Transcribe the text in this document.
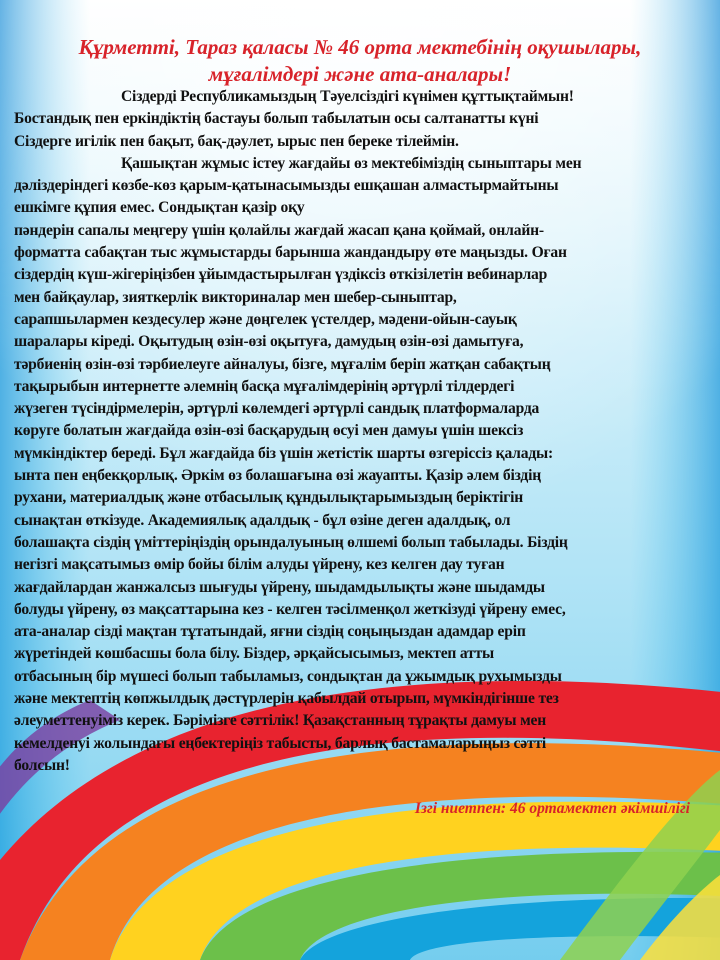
Құрметті, Тараз қаласы № 46 орта мектебінің оқушылары,
мұғалімдері және ата-аналары!
Сіздерді Республикамыздың Тәуелсіздігі күнімен құттықтаймын!
Бостандық пен еркіндіктің бастауы болып табылатын осы салтанатты күні
Сіздерге игілік пен бақыт, бақ-дәулет, ырыс пен береке тілеймін.
Қашықтан жұмыс істеу жағдайы өз мектебіміздің сыныптары мен
дәліздеріндегі көзбе-көз қарым-қатынасымызды ешқашан алмастырмайтыны
ешкімге құпия емес. Сондықтан қазір оқу
пәндерін сапалы меңгеру үшін қолайлы жағдай жасап қана қоймай, онлайн-
форматта сабақтан тыс жұмыстарды барынша жандандыру өте маңызды. Оған
сіздердің күш-жігеріңізбен ұйымдастырылған үздіксіз өткізілетін вебинарлар
мен байқаулар, зияткерлік викториналар мен шебер-сыныптар,
сарапшылармен кездесулер және дөңгелек үстелдер, мәдени-ойын-сауық
шаралары кіреді. Оқытудың өзін-өзі оқытуға, дамудың өзін-өзі дамытуға,
тәрбиенің өзін-өзі тәрбиелеуге айналуы, бізге, мұғалім беріп жатқан сабақтың
тақырыбын интернетте әлемнің басқа мұғалімдерінің әртүрлі тілдердегі
жүзеген түсіндірмелерін, әртүрлі көлемдегі әртүрлі сандық платформаларда
көруге болатын жағдайда өзін-өзі басқарудың өсуі мен дамуы үшін шексіз
мүмкіндіктер береді. Бұл жағдайда біз үшін жетістік шарты өзгеріссіз қалады:
ынта пен еңбекқорлық. Әркім өз болашағына өзі жауапты. Қазір әлем біздің
рухани, материалдық және отбасылық құндылықтарымыздың беріктігін
сынақтан өткізуде. Академиялық адалдық - бұл өзіне деген адалдық, ол
болашақта сіздің үміттеріңіздің орындалуының өлшемі болып табылады. Біздің
негізгі мақсатымыз өмір бойы білім алуды үйрену, кез келген дау туған
жағдайлардан жанжалсыз шығуды үйрену, шыдамдылықты және шыдамды
болуды үйрену, өз мақсаттарына кез - келген тәсілменқол жеткізуді үйрену емес,
ата-аналар сізді мақтан тұтатындай, яғни сіздің соңыңыздан адамдар еріп
жүретіндей көшбасшы бола білу. Біздер, әрқайсысымыз, мектеп атты
отбасының бір мүшесі болып табыламыз, сондықтан да ұжымдық рухымызды
және мектептің көпжылдық дәстүрлерін қабылдай отырып, мүмкіндігінше тез
әлеуметтенуіміз керек. Бәрімізге сәттілік! Қазақстанның тұрақты дамуы мен
кемелденуі жолындағы еңбектеріңіз табысты, барлық бастамаларыңыз сәтті
болсын!
Ізгі ниетпен: 46 ортамектеп әкімшілігі
